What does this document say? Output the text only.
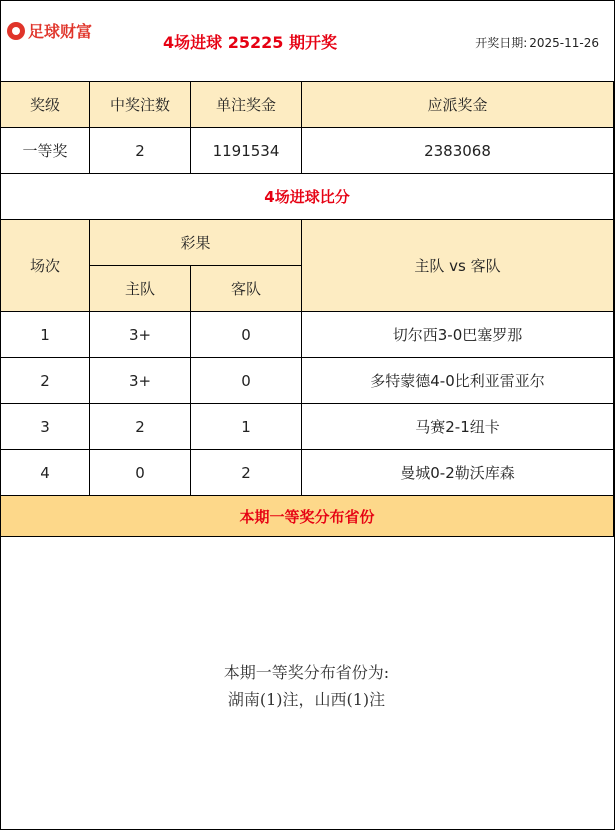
足球财富
4场进球 25225 期开奖	开奖日期: 2025-11-26
奖级	中奖注数	单注奖金	应派奖金
一等奖	2	1191534	2383068
4场进球比分			
场次	彩果		主队 vs 客队
	主队	客队	
1	3+	0	切尔西3-0巴塞罗那
2	3+	0	多特蒙德4-0比利亚雷亚尔
3	2	1	马赛2-1纽卡
4	0	2	曼城0-2勒沃库森
本期一等奖分布省份			
本期一等奖分布省份为:
湖南(1)注，山西(1)注
